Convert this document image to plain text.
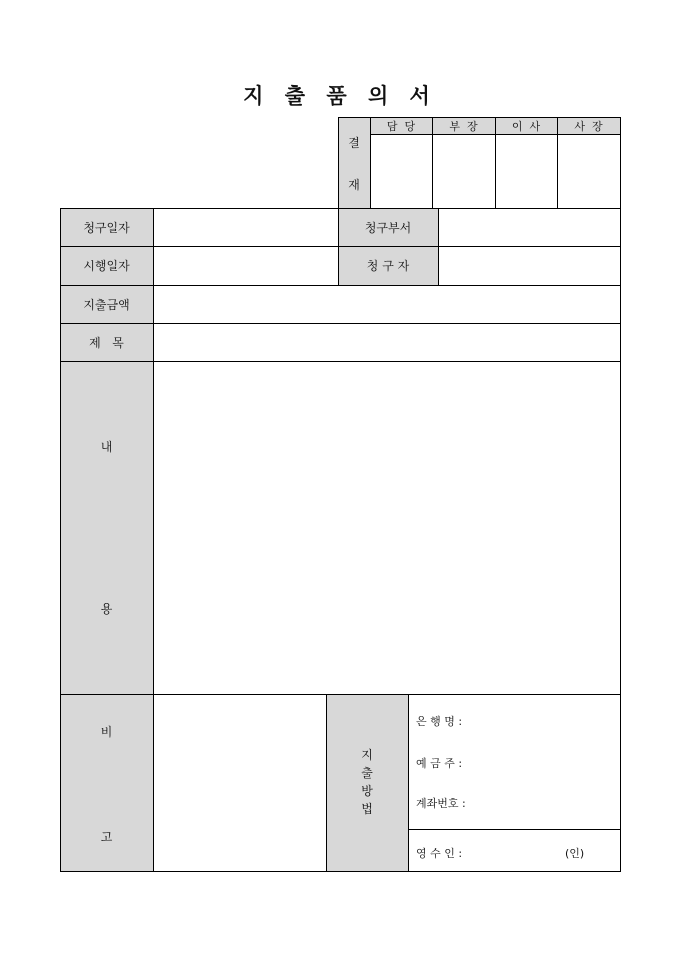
지 출 품 의 서
결
재
담  당	부  장	이  사	사  장
청구일자	청구부서
시행일자	청 구 자
지출금액
제   목
내
용
비
고
지
출
방
법
은 행 명 :
예 금 주 :
계좌번호 :
영 수 인 :	(인)
